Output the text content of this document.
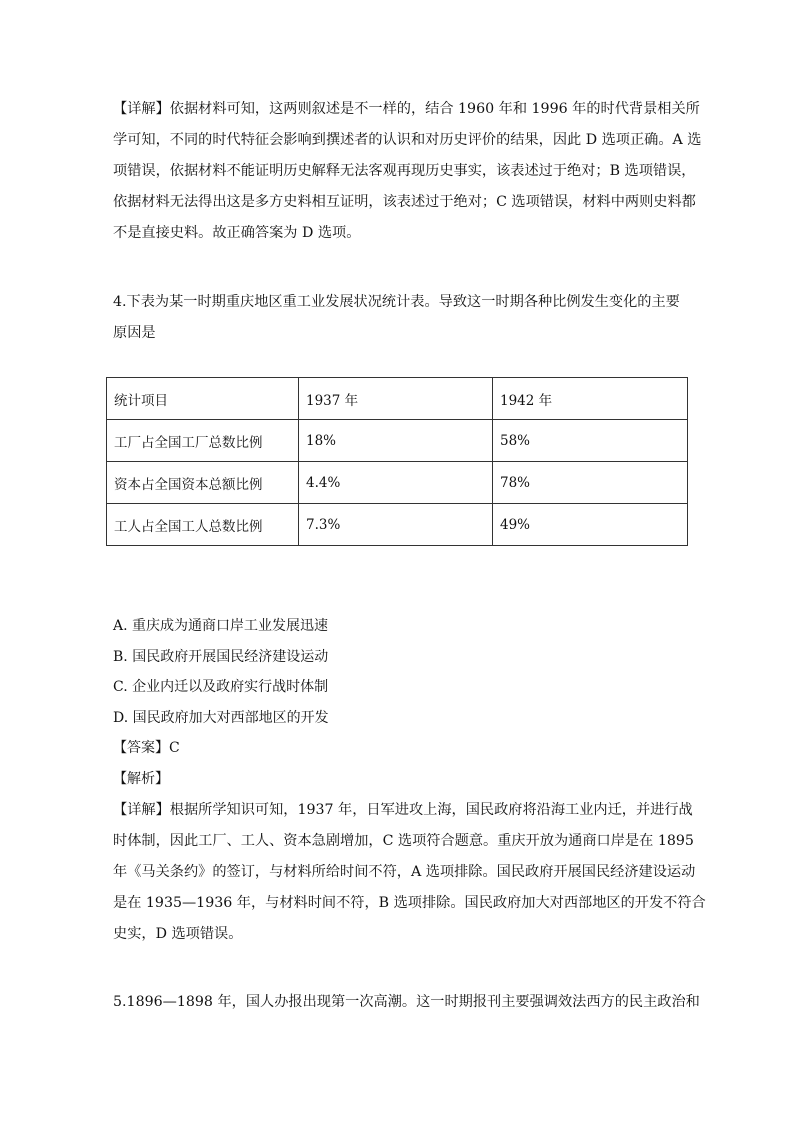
【详解】依据材料可知，这两则叙述是不一样的，结合 1960 年和 1996 年的时代背景相关所
学可知，不同的时代特征会影响到撰述者的认识和对历史评价的结果，因此 D 选项正确。A 选
项错误，依据材料不能证明历史解释无法客观再现历史事实，该表述过于绝对；B 选项错误，
依据材料无法得出这是多方史料相互证明，该表述过于绝对；C 选项错误，材料中两则史料都
不是直接史料。故正确答案为 D 选项。
4.下表为某一时期重庆地区重工业发展状况统计表。导致这一时期各种比例发生变化的主要
原因是
统计项目	1937 年	1942 年
工厂占全国工厂总数比例	18%	58%
资本占全国资本总额比例	4.4%	78%
工人占全国工人总数比例	7.3%	49%
A. 重庆成为通商口岸工业发展迅速
B. 国民政府开展国民经济建设运动
C. 企业内迁以及政府实行战时体制
D. 国民政府加大对西部地区的开发
【答案】C
【解析】
【详解】根据所学知识可知，1937 年，日军进攻上海，国民政府将沿海工业内迁，并进行战
时体制，因此工厂、工人、资本急剧增加，C 选项符合题意。重庆开放为通商口岸是在 1895
年《马关条约》的签订，与材料所给时间不符，A 选项排除。国民政府开展国民经济建设运动
是在 1935—1936 年，与材料时间不符，B 选项排除。国民政府加大对西部地区的开发不符合
史实，D 选项错误。
5.1896—1898 年，国人办报出现第一次高潮。这一时期报刊主要强调效法西方的民主政治和
